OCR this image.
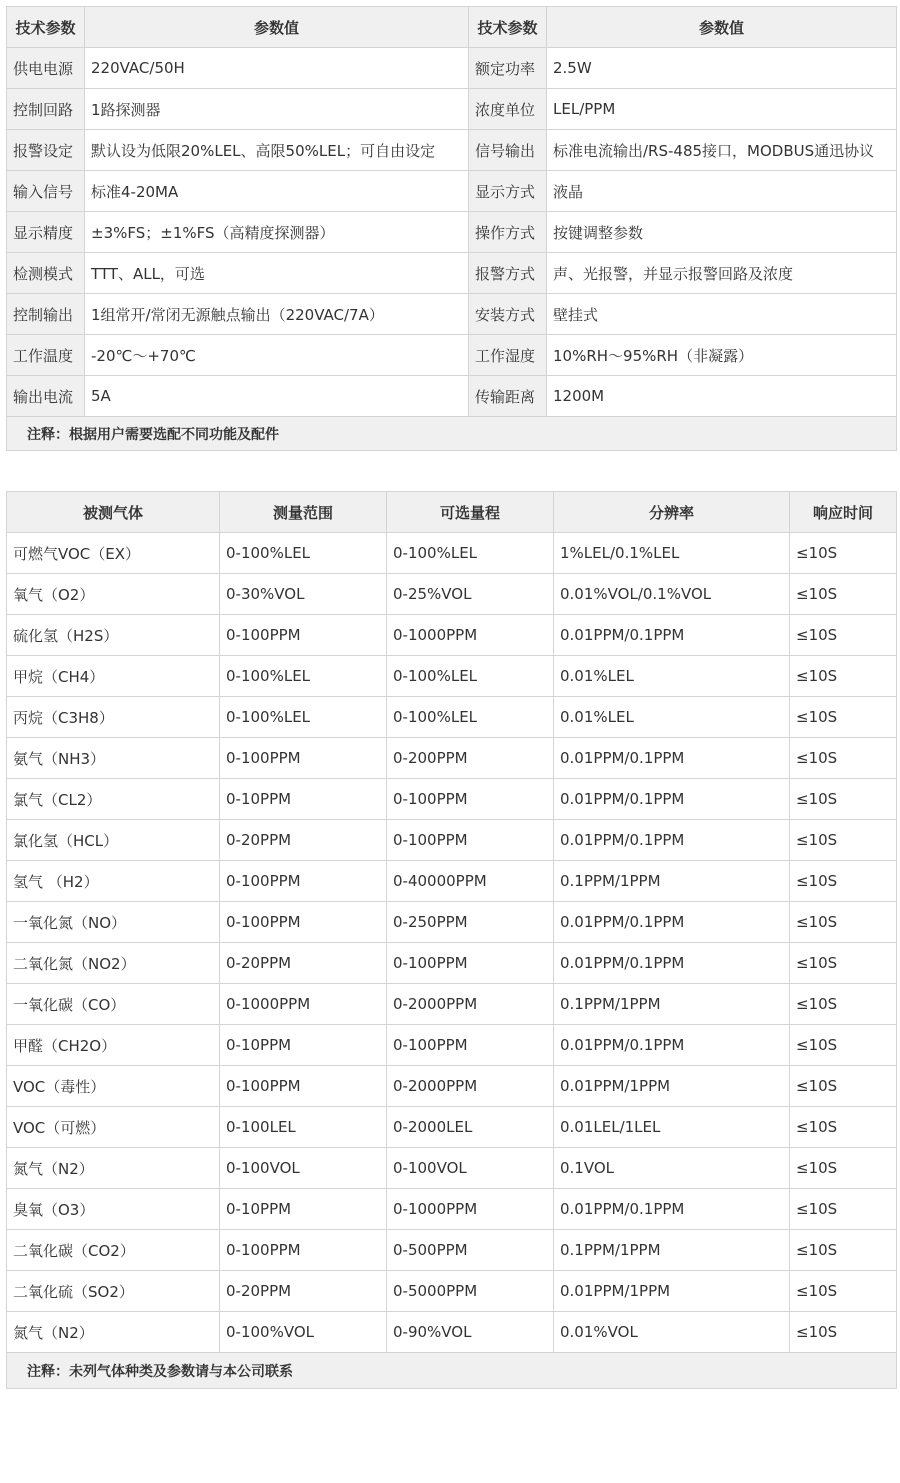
技术参数	参数值	技术参数	参数值
供电电源	220VAC/50H	额定功率	2.5W
控制回路	1路探测器	浓度单位	LEL/PPM
报警设定	默认设为低限20%LEL、高限50%LEL；可自由设定	信号输出	标准电流输出/RS-485接口，MODBUS通迅协议
输入信号	标准4-20MA	显示方式	液晶
显示精度	±3%FS；±1%FS（高精度探测器）	操作方式	按键调整参数
检测模式	TTT、ALL，可选	报警方式	声、光报警，并显示报警回路及浓度
控制输出	1组常开/常闭无源触点输出（220VAC/7A）	安装方式	壁挂式
工作温度	-20℃～+70℃	工作湿度	10%RH～95%RH（非凝露）
输出电流	5A	传输距离	1200M
注释：根据用户需要选配不同功能及配件			
被测气体	测量范围	可选量程	分辨率	响应时间
可燃气VOC（EX）	0-100%LEL	0-100%LEL	1%LEL/0.1%LEL	≤10S
氧气（O2）	0-30%VOL	0-25%VOL	0.01%VOL/0.1%VOL	≤10S
硫化氢（H2S）	0-100PPM	0-1000PPM	0.01PPM/0.1PPM	≤10S
甲烷（CH4）	0-100%LEL	0-100%LEL	0.01%LEL	≤10S
丙烷（C3H8）	0-100%LEL	0-100%LEL	0.01%LEL	≤10S
氨气（NH3）	0-100PPM	0-200PPM	0.01PPM/0.1PPM	≤10S
氯气（CL2）	0-10PPM	0-100PPM	0.01PPM/0.1PPM	≤10S
氯化氢（HCL）	0-20PPM	0-100PPM	0.01PPM/0.1PPM	≤10S
氢气 （H2）	0-100PPM	0-40000PPM	0.1PPM/1PPM	≤10S
一氧化氮（NO）	0-100PPM	0-250PPM	0.01PPM/0.1PPM	≤10S
二氧化氮（NO2）	0-20PPM	0-100PPM	0.01PPM/0.1PPM	≤10S
一氧化碳（CO）	0-1000PPM	0-2000PPM	0.1PPM/1PPM	≤10S
甲醛（CH2O）	0-10PPM	0-100PPM	0.01PPM/0.1PPM	≤10S
VOC（毒性）	0-100PPM	0-2000PPM	0.01PPM/1PPM	≤10S
VOC（可燃）	0-100LEL	0-2000LEL	0.01LEL/1LEL	≤10S
氮气（N2）	0-100VOL	0-100VOL	0.1VOL	≤10S
臭氧（O3）	0-10PPM	0-1000PPM	0.01PPM/0.1PPM	≤10S
二氧化碳（CO2）	0-100PPM	0-500PPM	0.1PPM/1PPM	≤10S
二氧化硫（SO2）	0-20PPM	0-5000PPM	0.01PPM/1PPM	≤10S
氮气（N2）	0-100%VOL	0-90%VOL	0.01%VOL	≤10S
注释：未列气体种类及参数请与本公司联系				
